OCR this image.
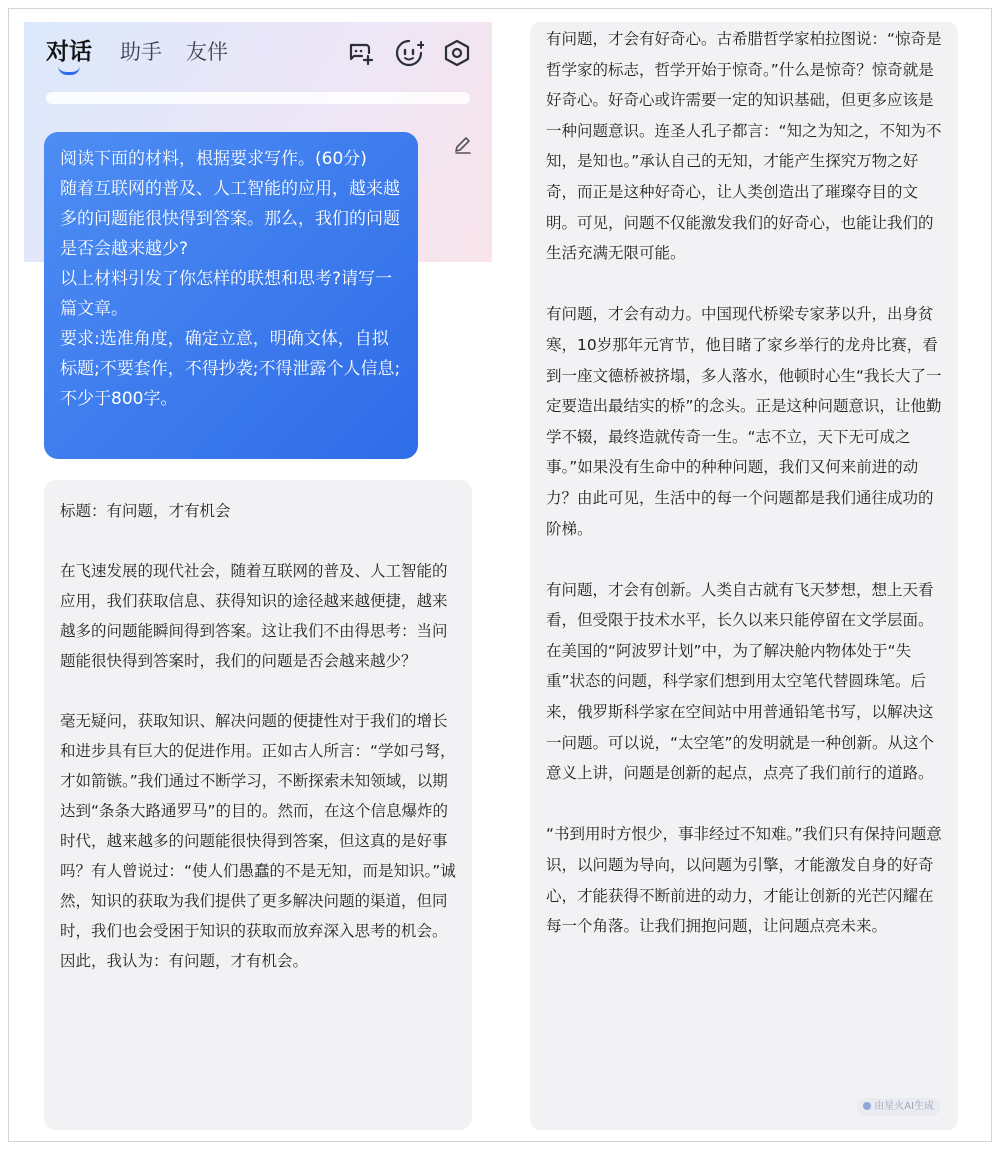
对话 助手 友伴

阅读下面的材料，根据要求写作。(60分)

随着互联网的普及、人工智能的应用，越来越多的问题能很快得到答案。那么，我们的问题是否会越来越少?

以上材料引发了你怎样的联想和思考?请写一篇文章。

要求:选准角度，确定立意，明确文体，自拟标题;不要套作，不得抄袭;不得泄露个人信息;不少于800字。

标题：有问题，才有机会

在飞速发展的现代社会，随着互联网的普及、人工智能的应用，我们获取信息、获得知识的途径越来越便捷，越来越多的问题能瞬间得到答案。这让我们不由得思考：当问题能很快得到答案时，我们的问题是否会越来越少？

毫无疑问，获取知识、解决问题的便捷性对于我们的增长和进步具有巨大的促进作用。正如古人所言：“学如弓弩，才如箭镞。”我们通过不断学习，不断探索未知领域，以期达到“条条大路通罗马”的目的。然而，在这个信息爆炸的时代，越来越多的问题能很快得到答案，但这真的是好事吗？有人曾说过：“使人们愚蠢的不是无知，而是知识。”诚然，知识的获取为我们提供了更多解决问题的渠道，但同时，我们也会受困于知识的获取而放弃深入思考的机会。因此，我认为：有问题，才有机会。

有问题，才会有好奇心。古希腊哲学家柏拉图说：“惊奇是哲学家的标志，哲学开始于惊奇。”什么是惊奇？惊奇就是好奇心。好奇心或许需要一定的知识基础，但更多应该是一种问题意识。连圣人孔子都言：“知之为知之，不知为不知，是知也。”承认自己的无知，才能产生探究万物之好奇，而正是这种好奇心，让人类创造出了璀璨夺目的文明。可见，问题不仅能激发我们的好奇心，也能让我们的生活充满无限可能。

有问题，才会有动力。中国现代桥梁专家茅以升，出身贫寒，10岁那年元宵节，他目睹了家乡举行的龙舟比赛，看到一座文德桥被挤塌，多人落水，他顿时心生“我长大了一定要造出最结实的桥”的念头。正是这种问题意识，让他勤学不辍，最终造就传奇一生。“志不立，天下无可成之事。”如果没有生命中的种种问题，我们又何来前进的动力？由此可见，生活中的每一个问题都是我们通往成功的阶梯。

有问题，才会有创新。人类自古就有飞天梦想，想上天看看，但受限于技术水平，长久以来只能停留在文学层面。在美国的“阿波罗计划”中，为了解决舱内物体处于“失重”状态的问题，科学家们想到用太空笔代替圆珠笔。后来，俄罗斯科学家在空间站中用普通铅笔书写，以解决这一问题。可以说，“太空笔”的发明就是一种创新。从这个意义上讲，问题是创新的起点，点亮了我们前行的道路。

“书到用时方恨少，事非经过不知难。”我们只有保持问题意识，以问题为导向，以问题为引擎，才能激发自身的好奇心，才能获得不断前进的动力，才能让创新的光芒闪耀在每一个角落。让我们拥抱问题，让问题点亮未来。

由星火AI生成
